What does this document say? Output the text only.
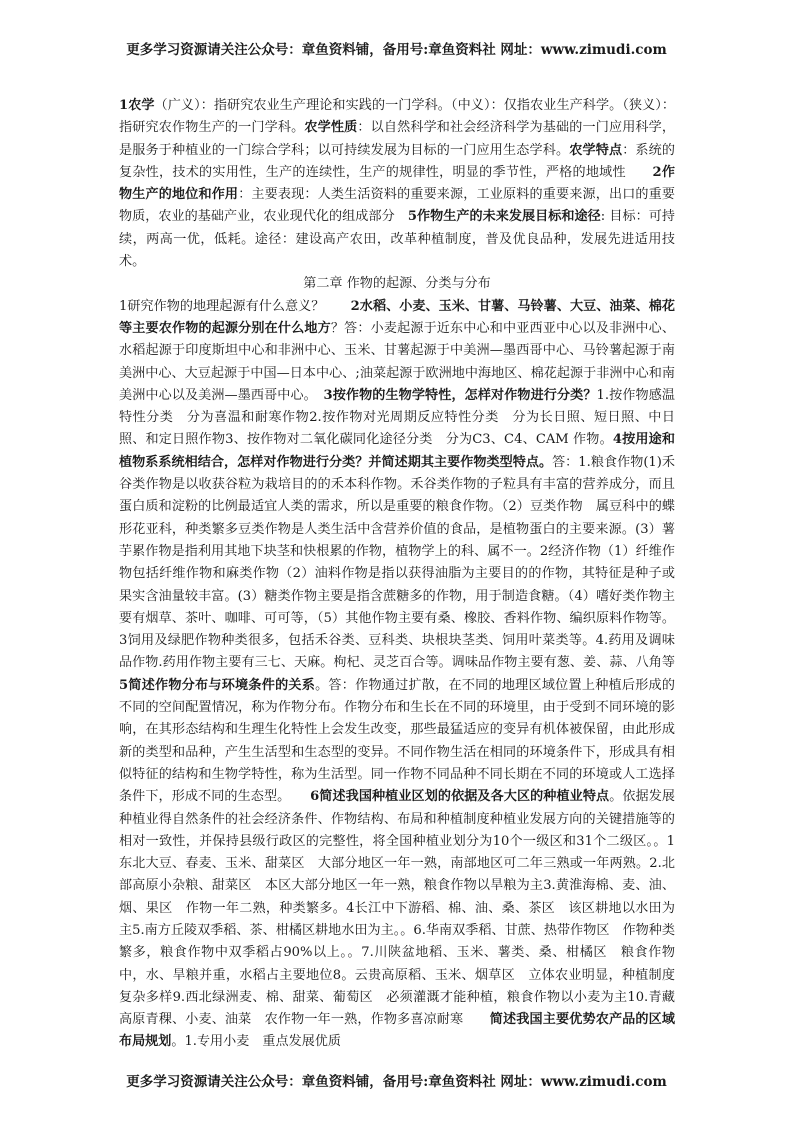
更多学习资源请关注公众号：章鱼资料铺，备用号:章鱼资料社 网址：www.zimudi.com

1农学（广义）：指研究农业生产理论和实践的一门学科。（中义）：仅指农业生产科学。（狭义）：指研究农作物生产的一门学科。农学性质：以自然科学和社会经济科学为基础的一门应用科学，是服务于种植业的一门综合学科；以可持续发展为目标的一门应用生态学科。农学特点：系统的复杂性，技术的实用性，生产的连续性，生产的规律性，明显的季节性，严格的地域性　　2作物生产的地位和作用：主要表现：人类生活资料的重要来源，工业原料的重要来源，出口的重要物质，农业的基础产业，农业现代化的组成部分　5作物生产的未来发展目标和途径: 目标：可持续，两高一优，低耗。途径：建设高产农田，改革种植制度，普及优良品种，发展先进适用技术。

第二章 作物的起源、分类与分布

1研究作物的地理起源有什么意义？　　2水稻、小麦、玉米、甘薯、马铃薯、大豆、油菜、棉花等主要农作物的起源分别在什么地方？答：小麦起源于近东中心和中亚西亚中心以及非洲中心、水稻起源于印度斯坦中心和非洲中心、玉米、甘薯起源于中美洲—墨西哥中心、马铃薯起源于南美洲中心、大豆起源于中国—日本中心、;油菜起源于欧洲地中海地区、棉花起源于非洲中心和南美洲中心以及美洲—墨西哥中心。　3按作物的生物学特性，怎样对作物进行分类？1.按作物感温特性分类　分为喜温和耐寒作物2.按作物对光周期反应特性分类　分为长日照、短日照、中日照、和定日照作物3、按作物对二氧化碳同化途径分类　分为C3、C4、CAM 作物。4按用途和植物系系统相结合，怎样对作物进行分类？并简述期其主要作物类型特点。答：1.粮食作物(1)禾谷类作物是以收获谷粒为栽培目的的禾本科作物。禾谷类作物的子粒具有丰富的营养成分，而且蛋白质和淀粉的比例最适宜人类的需求，所以是重要的粮食作物。（2）豆类作物　属豆科中的蝶形花亚科，种类繁多豆类作物是人类生活中含营养价值的食品，是植物蛋白的主要来源。(3）薯芋累作物是指利用其地下块茎和快根累的作物，植物学上的科、属不一。2经济作物（1）纤维作物包括纤维作物和麻类作物（2）油料作物是指以获得油脂为主要目的的作物，其特征是种子或果实含油量较丰富。(3）糖类作物主要是指含蔗糖多的作物，用于制造食糖。（4）嗜好类作物主要有烟草、茶叶、咖啡、可可等，（5）其他作物主要有桑、橡胶、香料作物、编织原料作物等。3饲用及绿肥作物种类很多，包括禾谷类、豆科类、块根块茎类、饲用叶菜类等。4.药用及调味品作物.药用作物主要有三七、天麻。枸杞、灵芝百合等。调味品作物主要有葱、姜、蒜、八角等　5简述作物分布与环境条件的关系。答：作物通过扩散，在不同的地理区域位置上种植后形成的不同的空间配置情况，称为作物分布。作物分布和生长在不同的环境里，由于受到不同环境的影响，在其形态结构和生理生化特性上会发生改变，那些最猛适应的变异有机体被保留，由此形成新的类型和品种，产生生活型和生态型的变异。不同作物生活在相同的环境条件下，形成具有相似特征的结构和生物学特性，称为生活型。同一作物不同品种不同长期在不同的环境或人工选择条件下，形成不同的生态型。　　6简述我国种植业区划的依据及各大区的种植业特点。依据发展种植业得自然条件的社会经济条件、作物结构、布局和种植制度种植业发展方向的关键措施等的相对一致性，并保持县级行政区的完整性，将全国种植业划分为10个一级区和31个二级区。。1东北大豆、春麦、玉米、甜菜区　大部分地区一年一熟，南部地区可二年三熟或一年两熟。2.北部高原小杂粮、甜菜区　本区大部分地区一年一熟，粮食作物以旱粮为主3.黄淮海棉、麦、油、烟、果区　作物一年二熟，种类繁多。4长江中下游稻、棉、油、桑、茶区　该区耕地以水田为主5.南方丘陵双季稻、茶、柑橘区耕地水田为主。。6.华南双季稻、甘蔗、热带作物区　作物种类繁多，粮食作物中双季稻占90%以上。。7.川陕盆地稻、玉米、薯类、桑、柑橘区　粮食作物中，水、旱粮并重，水稻占主要地位8。云贵高原稻、玉米、烟草区　立体农业明显，种植制度复杂多样9.西北绿洲麦、棉、甜菜、葡萄区　必须灌溉才能种植，粮食作物以小麦为主10.青藏高原青稞、小麦、油菜　农作物一年一熟，作物多喜凉耐寒　　简述我国主要优势农产品的区域布局规划。1.专用小麦　重点发展优质

更多学习资源请关注公众号：章鱼资料铺，备用号:章鱼资料社 网址：www.zimudi.com
